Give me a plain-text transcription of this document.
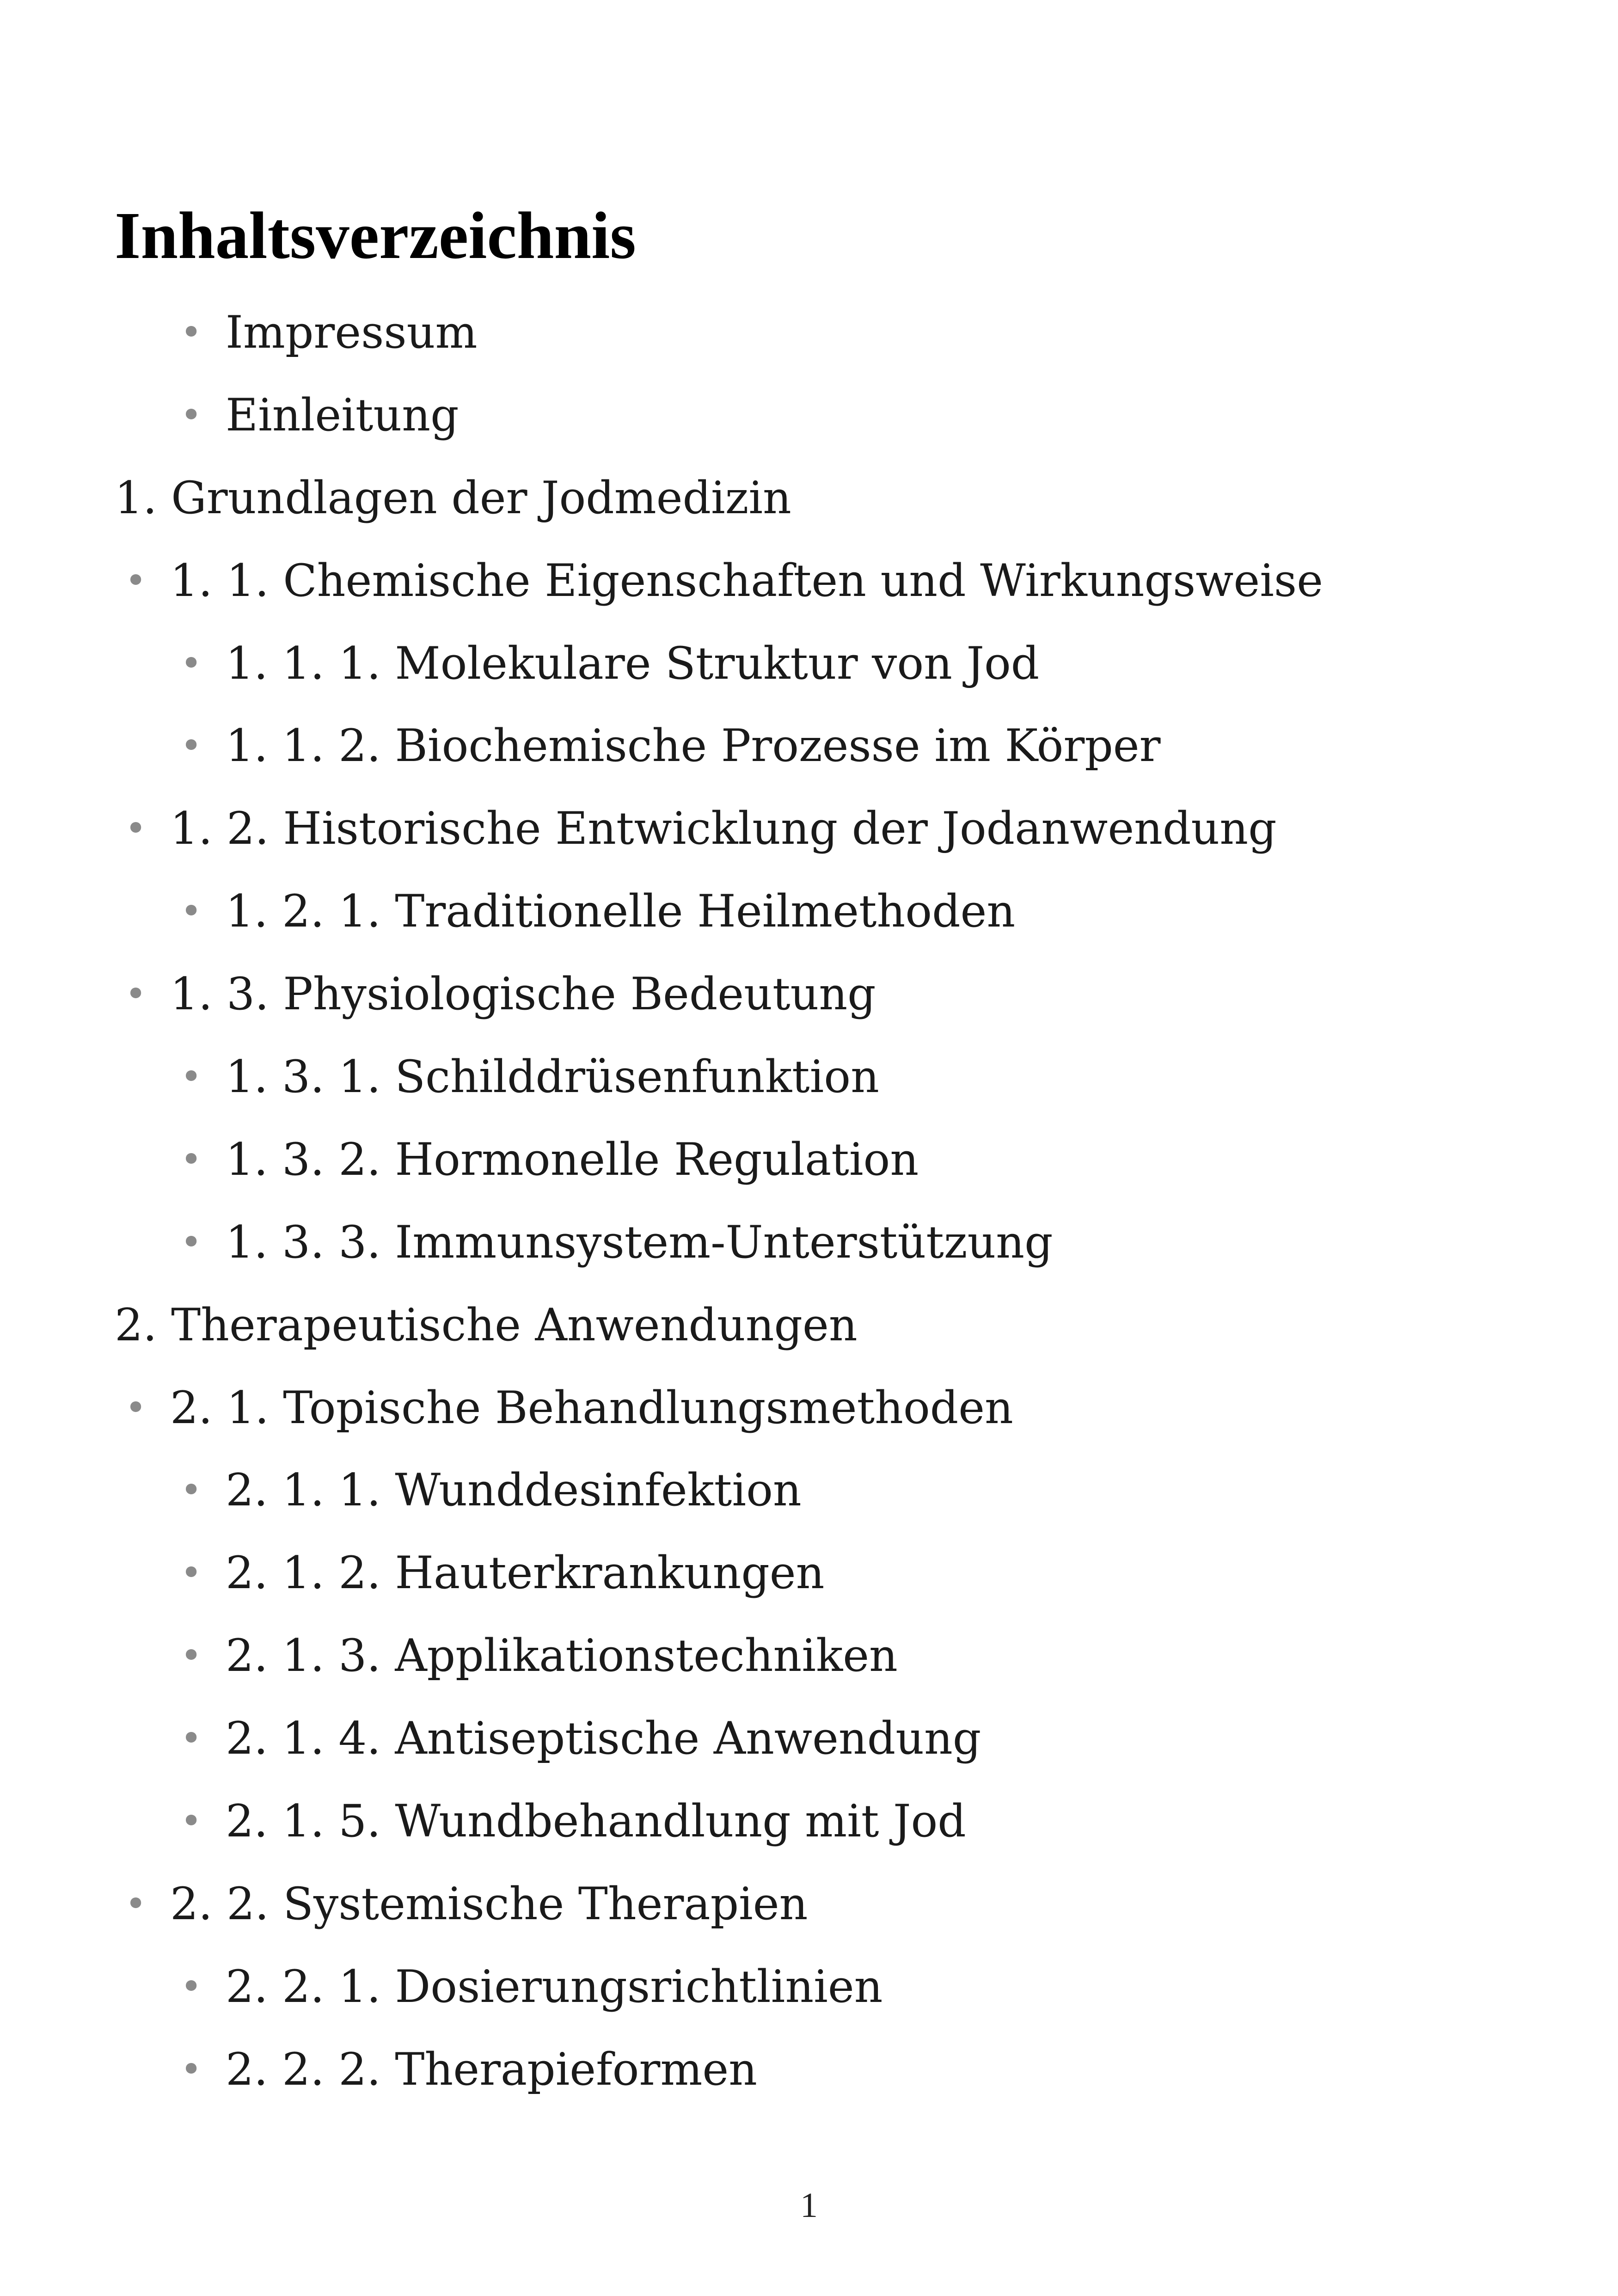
Inhaltsverzeichnis
• Impressum
• Einleitung
1. Grundlagen der Jodmedizin
• 1. 1. Chemische Eigenschaften und Wirkungsweise
• 1. 1. 1. Molekulare Struktur von Jod
• 1. 1. 2. Biochemische Prozesse im Körper
• 1. 2. Historische Entwicklung der Jodanwendung
• 1. 2. 1. Traditionelle Heilmethoden
• 1. 3. Physiologische Bedeutung
• 1. 3. 1. Schilddrüsenfunktion
• 1. 3. 2. Hormonelle Regulation
• 1. 3. 3. Immunsystem-Unterstützung
2. Therapeutische Anwendungen
• 2. 1. Topische Behandlungsmethoden
• 2. 1. 1. Wunddesinfektion
• 2. 1. 2. Hauterkrankungen
• 2. 1. 3. Applikationstechniken
• 2. 1. 4. Antiseptische Anwendung
• 2. 1. 5. Wundbehandlung mit Jod
• 2. 2. Systemische Therapien
• 2. 2. 1. Dosierungsrichtlinien
• 2. 2. 2. Therapieformen
1
